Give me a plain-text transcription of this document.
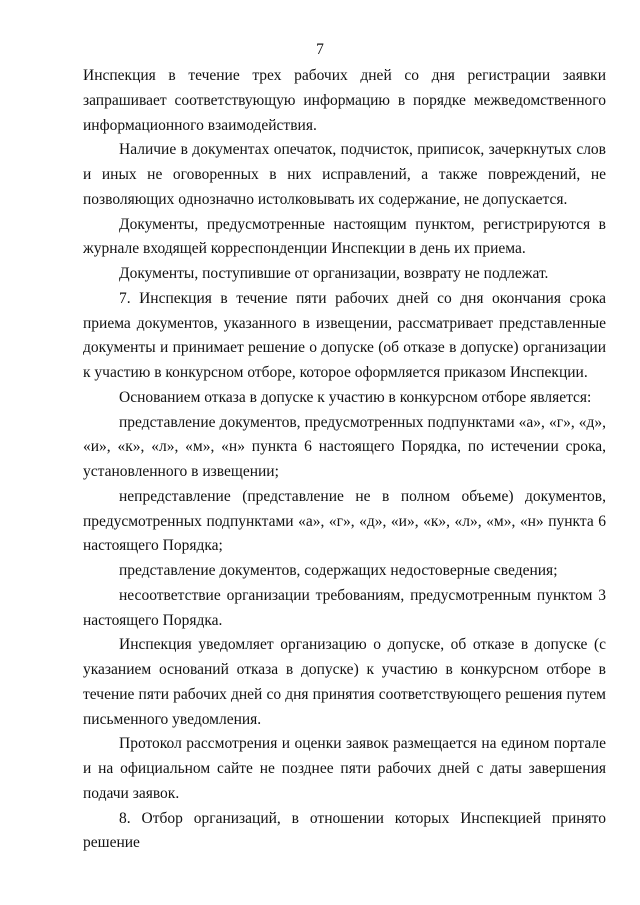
7

Инспекция в течение трех рабочих дней со дня регистрации заявки запрашивает соответствующую информацию в порядке межведомственного информационного взаимодействия.

Наличие в документах опечаток, подчисток, приписок, зачеркнутых слов и иных не оговоренных в них исправлений, а также повреждений, не позволяющих однозначно истолковывать их содержание, не допускается.

Документы, предусмотренные настоящим пунктом, регистрируются в журнале входящей корреспонденции Инспекции в день их приема.

Документы, поступившие от организации, возврату не подлежат.

7. Инспекция в течение пяти рабочих дней со дня окончания срока приема документов, указанного в извещении, рассматривает представленные документы и принимает решение о допуске (об отказе в допуске) организации к участию в конкурсном отборе, которое оформляется приказом Инспекции.

Основанием отказа в допуске к участию в конкурсном отборе является:

представление документов, предусмотренных подпунктами «а», «г», «д», «и», «к», «л», «м», «н» пункта 6 настоящего Порядка, по истечении срока, установленного в извещении;

непредставление (представление не в полном объеме) документов, предусмотренных подпунктами «а», «г», «д», «и», «к», «л», «м», «н» пункта 6 настоящего Порядка;

представление документов, содержащих недостоверные сведения;

несоответствие организации требованиям, предусмотренным пунктом 3 настоящего Порядка.

Инспекция уведомляет организацию о допуске, об отказе в допуске (с указанием оснований отказа в допуске) к участию в конкурсном отборе в течение пяти рабочих дней со дня принятия соответствующего решения путем письменного уведомления.

Протокол рассмотрения и оценки заявок размещается на едином портале и на официальном сайте не позднее пяти рабочих дней с даты завершения подачи заявок.

8. Отбор организаций, в отношении которых Инспекцией принято решение
